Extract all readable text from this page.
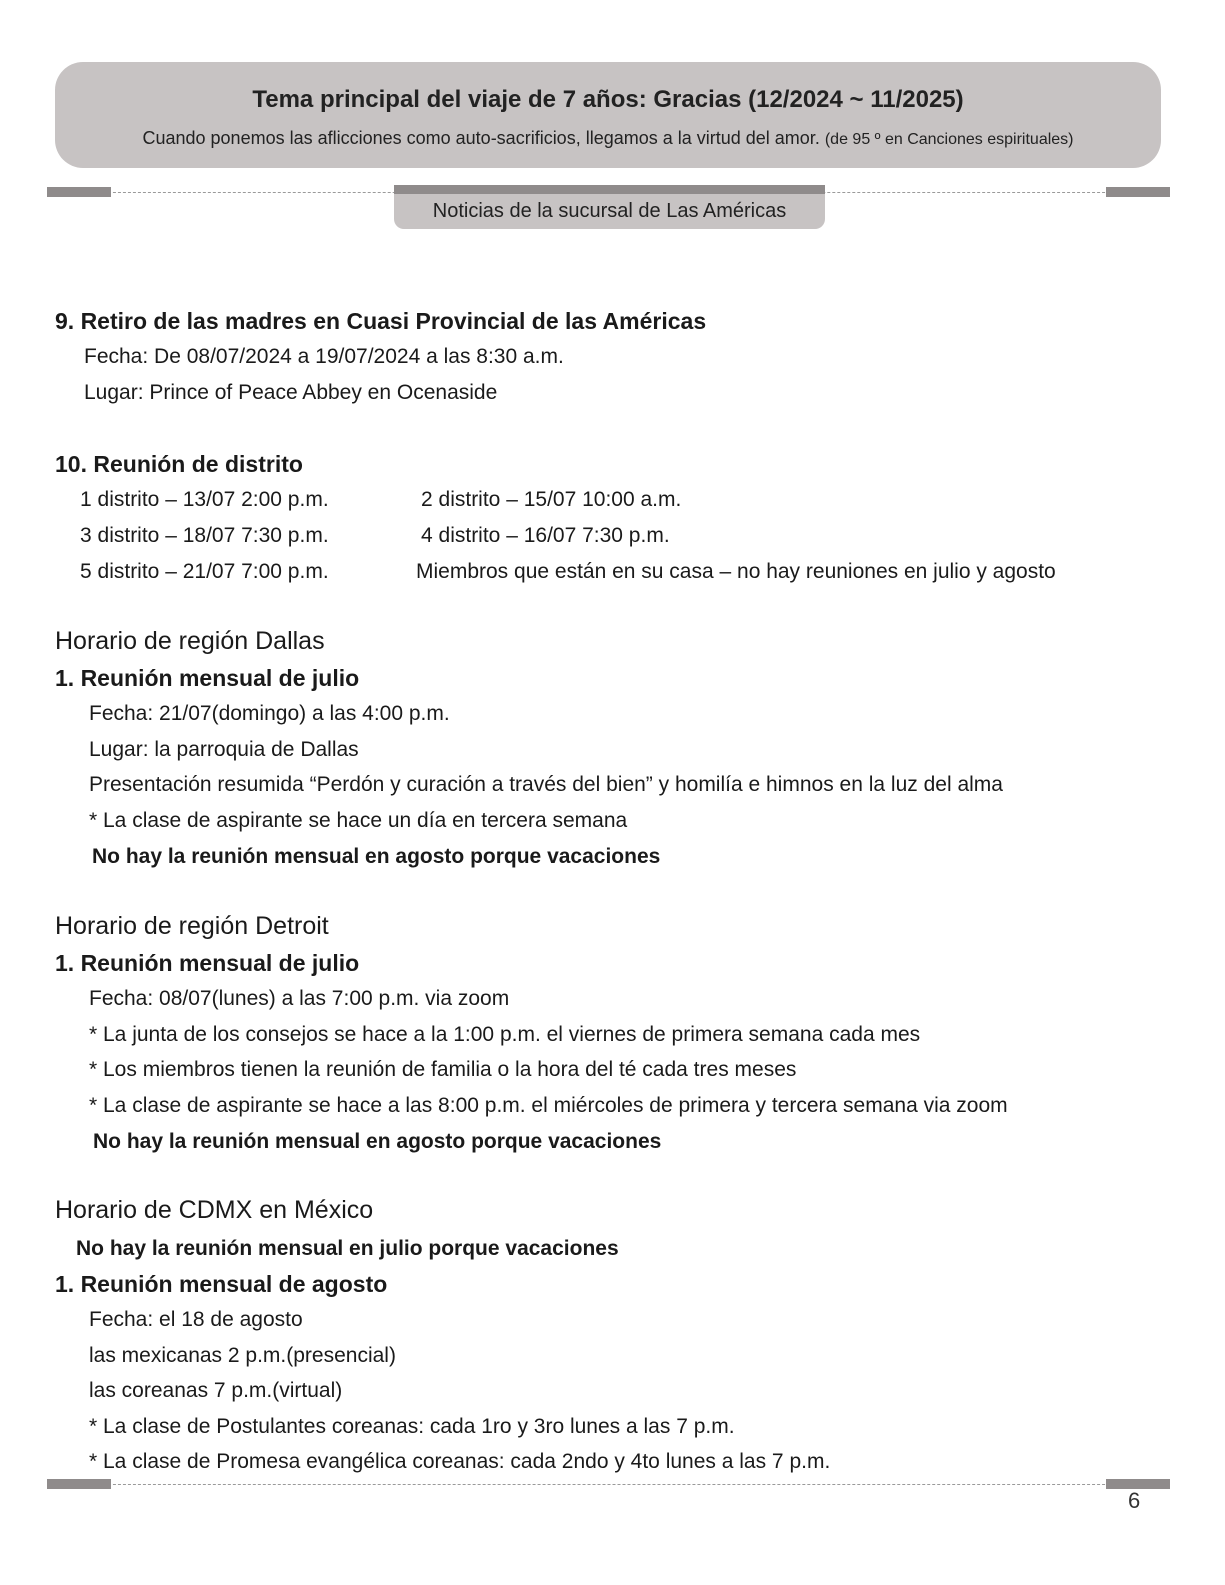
Tema principal del viaje de 7 años: Gracias (12/2024 ~ 11/2025)
Cuando ponemos las aflicciones como auto-sacrificios, llegamos a la virtud del amor. (de 95 º en Canciones espirituales)
Noticias de la sucursal de Las Américas
9. Retiro de las madres en Cuasi Provincial de las Américas
Fecha: De 08/07/2024 a 19/07/2024 a las 8:30 a.m.
Lugar: Prince of Peace Abbey en Ocenaside
10. Reunión de distrito
1 distrito – 13/07 2:00 p.m.	2 distrito – 15/07 10:00 a.m.
3 distrito – 18/07 7:30 p.m.	4 distrito – 16/07 7:30 p.m.
5 distrito – 21/07 7:00 p.m.	Miembros que están en su casa – no hay reuniones en julio y agosto
Horario de región Dallas
1. Reunión mensual de julio
Fecha: 21/07(domingo) a las 4:00 p.m.
Lugar: la parroquia de Dallas
Presentación resumida “Perdón y curación a través del bien” y homilía e himnos en la luz del alma
* La clase de aspirante se hace un día en tercera semana
No hay la reunión mensual en agosto porque vacaciones
Horario de región Detroit
1. Reunión mensual de julio
Fecha: 08/07(lunes) a las 7:00 p.m. via zoom
* La junta de los consejos se hace a la 1:00 p.m. el viernes de primera semana cada mes
* Los miembros tienen la reunión de familia o la hora del té cada tres meses
* La clase de aspirante se hace a las 8:00 p.m. el miércoles de primera y tercera semana via zoom
No hay la reunión mensual en agosto porque vacaciones
Horario de CDMX en México
No hay la reunión mensual en julio porque vacaciones
1. Reunión mensual de agosto
Fecha: el 18 de agosto
las mexicanas 2 p.m.(presencial)
las coreanas 7 p.m.(virtual)
* La clase de Postulantes coreanas: cada 1ro y 3ro lunes a las 7 p.m.
* La clase de Promesa evangélica coreanas: cada 2ndo y 4to lunes a las 7 p.m.
6
